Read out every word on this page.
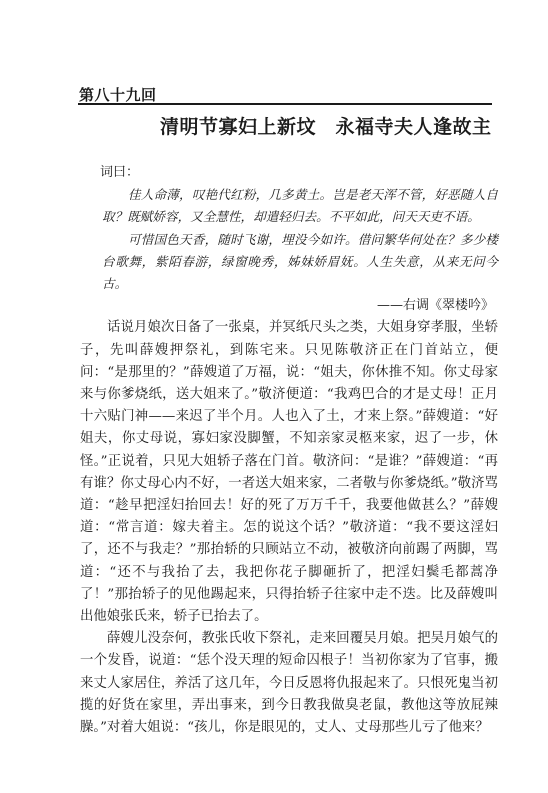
第八十九回
清明节寡妇上新坟　永福寺夫人逢故主

词曰：

佳人命薄，叹艳代红粉，几多黄土。岂是老天浑不管，好恶随人自取？既赋娇容，又全慧性，却遣轻归去。不平如此，问天天吏不语。

可惜国色天香，随时飞谢，埋没今如许。借问繁华何处在？多少楼台歌舞，紫陌春游，绿窗晚秀，姊妹娇眉妩。人生失意，从来无问今古。

——右调《翠楼吟》

话说月娘次日备了一张桌，并冥纸尺头之类，大姐身穿孝服，坐轿子，先叫薛嫂押祭礼，到陈宅来。只见陈敬济正在门首站立，便问：“是那里的？”薛嫂道了万福，说：“姐夫，你休推不知。你丈母家来与你爹烧纸，送大姐来了。”敬济便道：“我鸡巴合的才是丈母！正月十六贴门神——来迟了半个月。人也入了土，才来上祭。”薛嫂道：“好姐夫，你丈母说，寡妇家没脚蟹，不知亲家灵柩来家，迟了一步，休怪。”正说着，只见大姐轿子落在门首。敬济问：“是谁？”薛嫂道：“再有谁？你丈母心内不好，一者送大姐来家，二者敬与你爹烧纸。”敬济骂道：“趁早把淫妇抬回去！好的死了万万千千，我要他做甚么？”薛嫂道：“常言道：嫁夫着主。怎的说这个话？”敬济道：“我不要这淫妇了，还不与我走？”那抬轿的只顾站立不动，被敬济向前踢了两脚，骂道：“还不与我抬了去，我把你花子脚砸折了，把淫妇鬓毛都蒿净了！”那抬轿子的见他踢起来，只得抬轿子往家中走不迭。比及薛嫂叫出他娘张氏来，轿子已抬去了。

薛嫂儿没奈何，教张氏收下祭礼，走来回覆吴月娘。把吴月娘气的一个发昏，说道：“恁个没天理的短命囚根子！当初你家为了官事，搬来丈人家居住，养活了这几年，今日反恩将仇报起来了。只恨死鬼当初揽的好货在家里，弄出事来，到今日教我做臭老鼠，教他这等放屁辣臊。”对着大姐说：“孩儿，你是眼见的，丈人、丈母那些儿亏了他来？
